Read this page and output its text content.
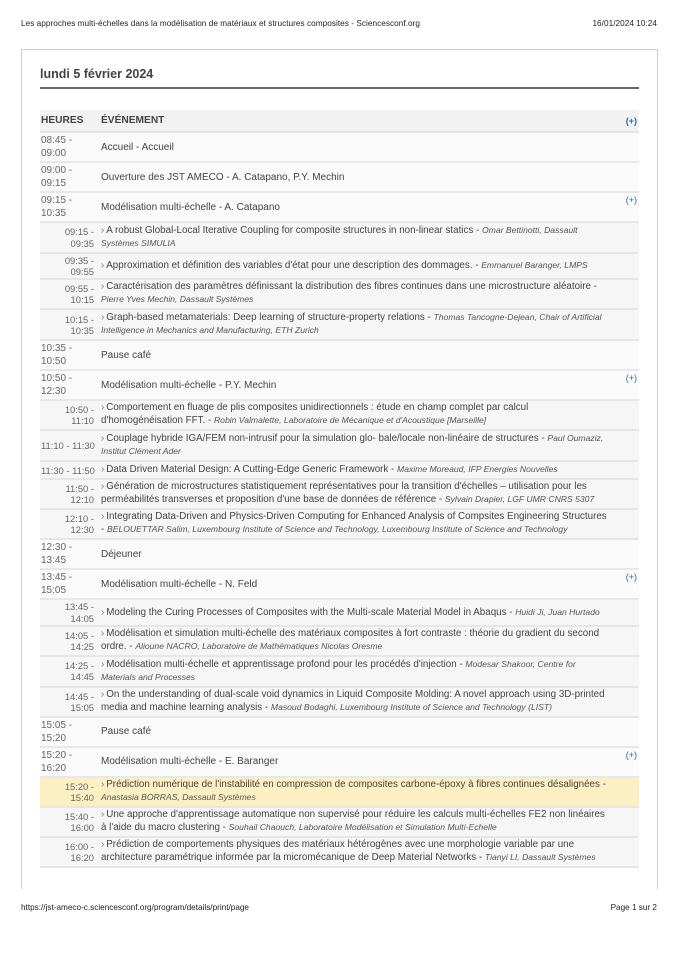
Les approches multi-échelles dans la modélisation de matériaux et structures composites - Sciencesconf.org	16/01/2024 10:24
lundi 5 février 2024
HEURES	ÉVÉNEMENT	(+)
08:45 -
09:00	Accueil - Accueil	
09:00 -
09:15	Ouverture des JST AMECO - A. Catapano, P.Y. Mechin	
09:15 -
10:35	Modélisation multi-échelle - A. Catapano	(+)
09:15 -
09:35	› A robust Global-Local Iterative Coupling for composite structures in non-linear statics - Omar Bettinotti, Dassault Systèmes SIMULIA	
09:35 -
09:55	› Approximation et définition des variables d'état pour une description des dommages. - Emmanuel Baranger, LMPS	
09:55 -
10:15	› Caractérisation des paramètres définissant la distribution des fibres continues dans une microstructure aléatoire - Pierre Yves Mechin, Dassault Systèmes	
10:15 -
10:35	› Graph-based metamaterials: Deep learning of structure-property relations - Thomas Tancogne-Dejean, Chair of Artificial Intelligence in Mechanics and Manufacturing, ETH Zurich	
10:35 -
10:50	Pause café	
10:50 -
12:30	Modélisation multi-échelle - P.Y. Mechin	(+)
10:50 -
11:10	› Comportement en fluage de plis composites unidirectionnels : étude en champ complet par calcul d'homogénéisation FFT. - Robin Valmalette, Laboratoire de Mécanique et d'Acoustique [Marseille]	
11:10 - 11:30	› Couplage hybride IGA/FEM non-intrusif pour la simulation glo- bale/locale non-linéaire de structures - Paul Oumaziz, Institut Clément Ader	
11:30 - 11:50	› Data Driven Material Design: A Cutting-Edge Generic Framework - Maxime Moreaud, IFP Energies Nouvelles	
11:50 -
12:10	› Génération de microstructures statistiquement représentatives pour la transition d'échelles – utilisation pour les perméabilités transverses et proposition d'une base de données de référence - Sylvain Drapier, LGF UMR CNRS 5307	
12:10 -
12:30	› Integrating Data-Driven and Physics-Driven Computing for Enhanced Analysis of Compsites Engineering Structures - BELOUETTAR Salim, Luxembourg Institute of Science and Technology, Luxembourg Institute of Science and Technology	
12:30 -
13:45	Déjeuner	
13:45 -
15:05	Modélisation multi-échelle - N. Feld	(+)
13:45 -
14:05	› Modeling the Curing Processes of Composites with the Multi-scale Material Model in Abaqus - Huidi Ji, Juan Hurtado	
14:05 -
14:25	› Modélisation et simulation multi-échelle des matériaux composites à fort contraste : théorie du gradient du second ordre. - Alioune NACRO, Laboratoire de Mathématiques Nicolas Oresme	
14:25 -
14:45	› Modélisation multi-échelle et apprentissage profond pour les procédés d'injection - Modesar Shakoor, Centre for Materials and Processes	
14:45 -
15:05	› On the understanding of dual-scale void dynamics in Liquid Composite Molding: A novel approach using 3D-printed media and machine learning analysis - Masoud Bodaghi, Luxembourg Institute of Science and Technology (LIST)	
15:05 -
15:20	Pause café	
15:20 -
16:20	Modélisation multi-échelle - E. Baranger	(+)
15:20 -
15:40	› Prédiction numérique de l'instabilité en compression de composites carbone-époxy à fibres continues désalignées - Anastasia BORRAS, Dassault Systèmes	
15:40 -
16:00	› Une approche d'apprentissage automatique non supervisé pour réduire les calculs multi-échelles FE2 non linéaires à l'aide du macro clustering - Souhail Chaouch, Laboratoire Modélisation et Simulation Multi-Echelle	
16:00 -
16:20	› Prédiction de comportements physiques des matériaux hétérogènes avec une morphologie variable par une architecture paramétrique informée par la micromécanique de Deep Material Networks - Tianyi LI, Dassault Systèmes	
https://jst-ameco-c.sciencesconf.org/program/details/print/page	Page 1 sur 2
